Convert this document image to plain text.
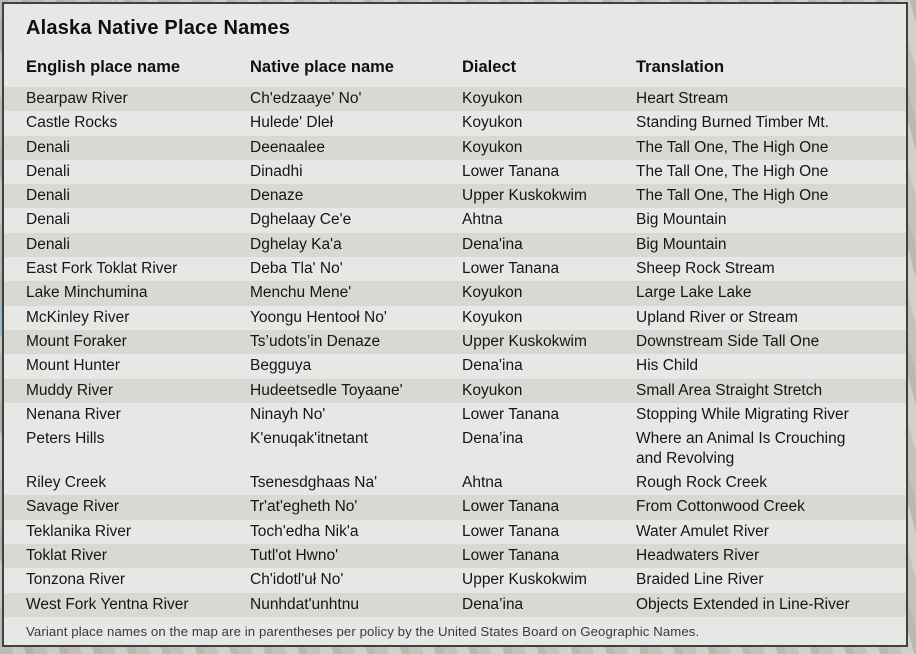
Alaska Native Place Names
English place name	Native place name	Dialect	Translation
Bearpaw River	Ch'edzaaye' No'	Koyukon	Heart Stream
Castle Rocks	Hulede' Dleł	Koyukon	Standing Burned Timber Mt.
Denali	Deenaalee	Koyukon	The Tall One, The High One
Denali	Dinadhi	Lower Tanana	The Tall One, The High One
Denali	Denaze	Upper Kuskokwim	The Tall One, The High One
Denali	Dghelaay Ce'e	Ahtna	Big Mountain
Denali	Dghelay Ka'a	Dena'ina	Big Mountain
East Fork Toklat River	Deba Tla' No'	Lower Tanana	Sheep Rock Stream
Lake Minchumina	Menchu Mene'	Koyukon	Large Lake Lake
McKinley River	Yoongu Hentooł No'	Koyukon	Upland River or Stream
Mount Foraker	Ts’udots’in Denaze	Upper Kuskokwim	Downstream Side Tall One
Mount Hunter	Begguya	Dena'ina	His Child
Muddy River	Hudeetsedle Toyaane'	Koyukon	Small Area Straight Stretch
Nenana River	Ninayh No'	Lower Tanana	Stopping While Migrating River
Peters Hills	K'enuqak'itnetant	Dena’ina	Where an Animal Is Crouching
and Revolving
Riley Creek	Tsenesdghaas Na'	Ahtna	Rough Rock Creek
Savage River	Tr'at'egheth No'	Lower Tanana	From Cottonwood Creek
Teklanika River	Toch'edha Nik'a	Lower Tanana	Water Amulet River
Toklat River	Tutl'ot Hwno'	Lower Tanana	Headwaters River
Tonzona River	Ch'idotl'uł No'	Upper Kuskokwim	Braided Line River
West Fork Yentna River	Nunhdat'unhtnu	Dena’ina	Objects Extended in Line-River
Variant place names on the map are in parentheses per policy by the United States Board on Geographic Names.
